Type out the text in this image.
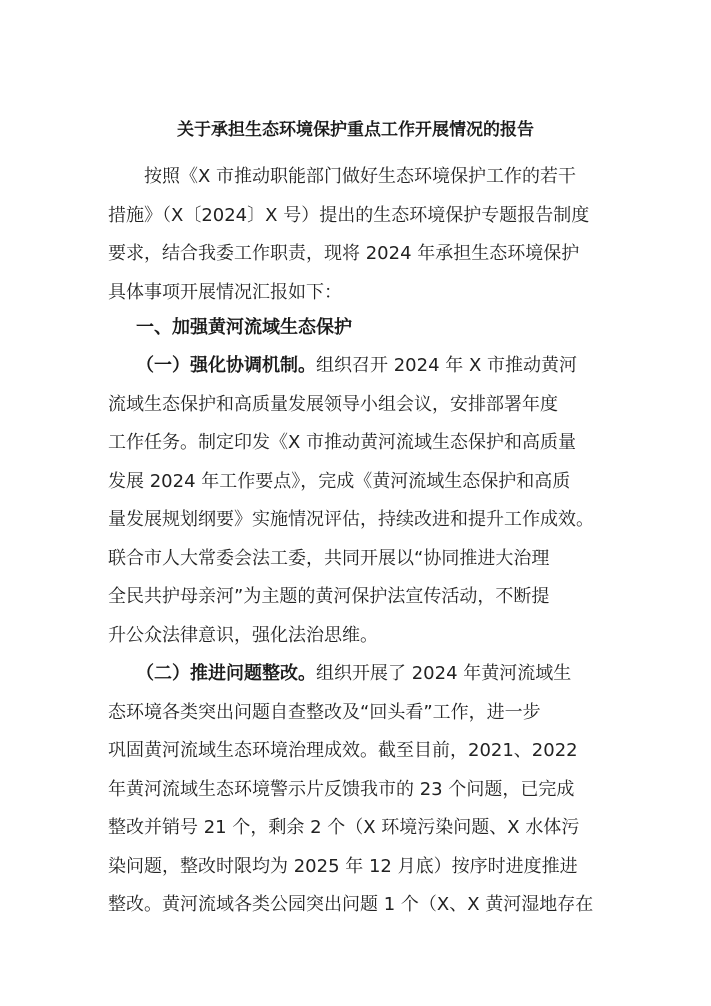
关于承担生态环境保护重点工作开展情况的报告
按照《X 市推动职能部门做好生态环境保护工作的若干
措施》（X〔2024〕X 号）提出的生态环境保护专题报告制度
要求，结合我委工作职责，现将 2024 年承担生态环境保护
具体事项开展情况汇报如下：
一、加强黄河流域生态保护
（一）强化协调机制。组织召开 2024 年 X 市推动黄河
流域生态保护和高质量发展领导小组会议，安排部署年度
工作任务。制定印发《X 市推动黄河流域生态保护和高质量
发展 2024 年工作要点》，完成《黄河流域生态保护和高质
量发展规划纲要》实施情况评估，持续改进和提升工作成效。
联合市人大常委会法工委，共同开展以“协同推进大治理
全民共护母亲河”为主题的黄河保护法宣传活动，不断提
升公众法律意识，强化法治思维。
（二）推进问题整改。组织开展了 2024 年黄河流域生
态环境各类突出问题自查整改及“回头看”工作，进一步
巩固黄河流域生态环境治理成效。截至目前，2021、2022
年黄河流域生态环境警示片反馈我市的 23 个问题，已完成
整改并销号 21 个，剩余 2 个（X 环境污染问题、X 水体污
染问题，整改时限均为 2025 年 12 月底）按序时进度推进
整改。黄河流域各类公园突出问题 1 个（X、X 黄河湿地存在
